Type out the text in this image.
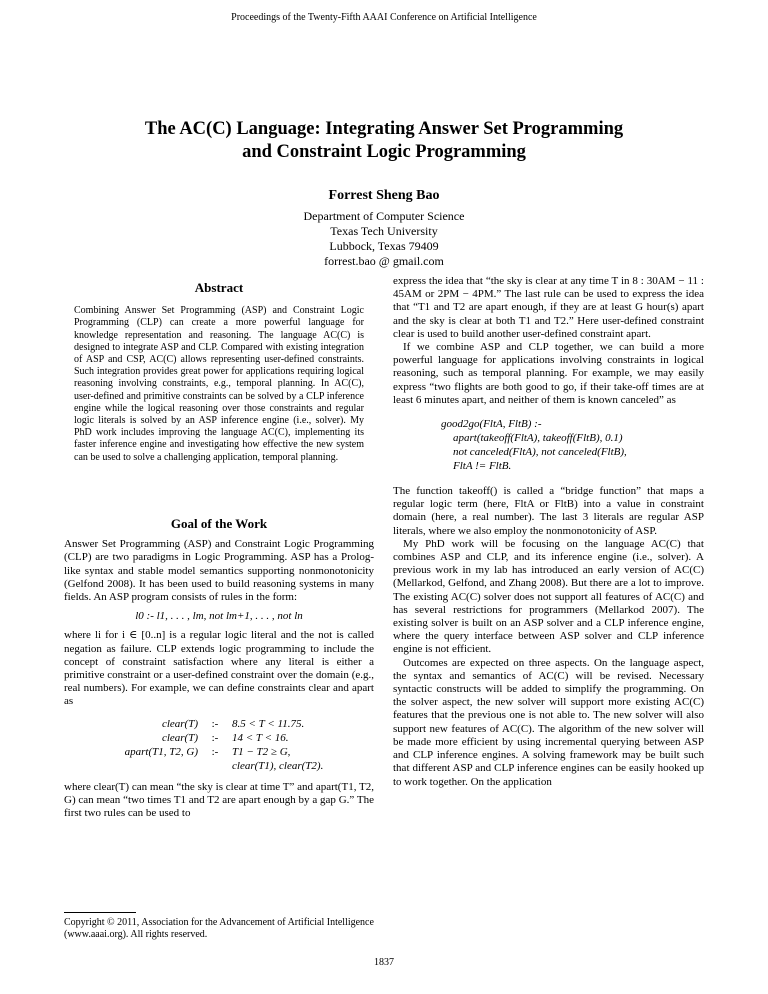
Proceedings of the Twenty-Fifth AAAI Conference on Artificial Intelligence
The AC(C) Language: Integrating Answer Set Programming
and Constraint Logic Programming
Forrest Sheng Bao
Department of Computer Science
Texas Tech University
Lubbock, Texas 79409
forrest.bao @ gmail.com
Abstract

Combining Answer Set Programming (ASP) and Constraint Logic Programming (CLP) can create a more powerful language for knowledge representation and reasoning. The language AC(C) is designed to integrate ASP and CLP. Compared with existing integration of ASP and CSP, AC(C) allows representing user-defined constraints. Such integration provides great power for applications requiring logical reasoning involving constraints, e.g., temporal planning. In AC(C), user-defined and primitive constraints can be solved by a CLP inference engine while the logical reasoning over those constraints and regular logic literals is solved by an ASP inference engine (i.e., solver). My PhD work includes improving the language AC(C), implementing its faster inference engine and investigating how effective the new system can be used to solve a challenging application, temporal planning.

Goal of the Work

Answer Set Programming (ASP) and Constraint Logic Programming (CLP) are two paradigms in Logic Programming. ASP has a Prolog-like syntax and stable model semantics supporting nonmonotonicity (Gelfond 2008). It has been used to build reasoning systems in many fields. An ASP program consists of rules in the form:

l0 :- l1, . . . , lm, not lm+1, . . . , not ln

where li for i ∈ [0..n] is a regular logic literal and the not is called negation as failure. CLP extends logic programming to include the concept of constraint satisfaction where any literal is either a primitive constraint or a user-defined constraint over the domain (e.g., real numbers). For example, we can define constraints clear and apart as

clear(T)	:-	8.5 < T < 11.75.
clear(T)	:-	14 < T < 16.
apart(T1, T2, G)	:-	T1 − T2 ≥ G,
clear(T1), clear(T2).

where clear(T) can mean “the sky is clear at time T” and apart(T1, T2, G) can mean “two times T1 and T2 are apart enough by a gap G.” The first two rules can be used to

Copyright © 2011, Association for the Advancement of Artificial Intelligence (www.aaai.org). All rights reserved.

express the idea that “the sky is clear at any time T in 8 : 30AM − 11 : 45AM or 2PM − 4PM.” The last rule can be used to express the idea that “T1 and T2 are apart enough, if they are at least G hour(s) apart and the sky is clear at both T1 and T2.” Here user-defined constraint clear is used to build another user-defined constraint apart.

If we combine ASP and CLP together, we can build a more powerful language for applications involving constraints in logical reasoning, such as temporal planning. For example, we may easily express “two flights are both good to go, if their take-off times are at least 6 minutes apart, and neither of them is known canceled” as

good2go(FltA, FltB) :-
apart(takeoff(FltA), takeoff(FltB), 0.1)
not canceled(FltA), not canceled(FltB),
FltA != FltB.

The function takeoff() is called a “bridge function” that maps a regular logic term (here, FltA or FltB) into a value in constraint domain (here, a real number). The last 3 literals are regular ASP literals, where we also employ the nonmonotonicity of ASP.

My PhD work will be focusing on the language AC(C) that combines ASP and CLP, and its inference engine (i.e., solver). A previous work in my lab has introduced an early version of AC(C) (Mellarkod, Gelfond, and Zhang 2008). But there are a lot to improve. The existing AC(C) solver does not support all features of AC(C) and has several restrictions for programmers (Mellarkod 2007). The existing solver is built on an ASP solver and a CLP inference engine, where the query interface between ASP solver and CLP inference engine is not efficient.

Outcomes are expected on three aspects. On the language aspect, the syntax and semantics of AC(C) will be revised. Necessary syntactic constructs will be added to simplify the programming. On the solver aspect, the new solver will support more existing AC(C) features that the previous one is not able to. The new solver will also support new features of AC(C). The algorithm of the new solver will be made more efficient by using incremental querying between ASP and CLP inference engines. A solving framework may be built such that different ASP and CLP inference engines can be easily hooked up to work together. On the application

1837
